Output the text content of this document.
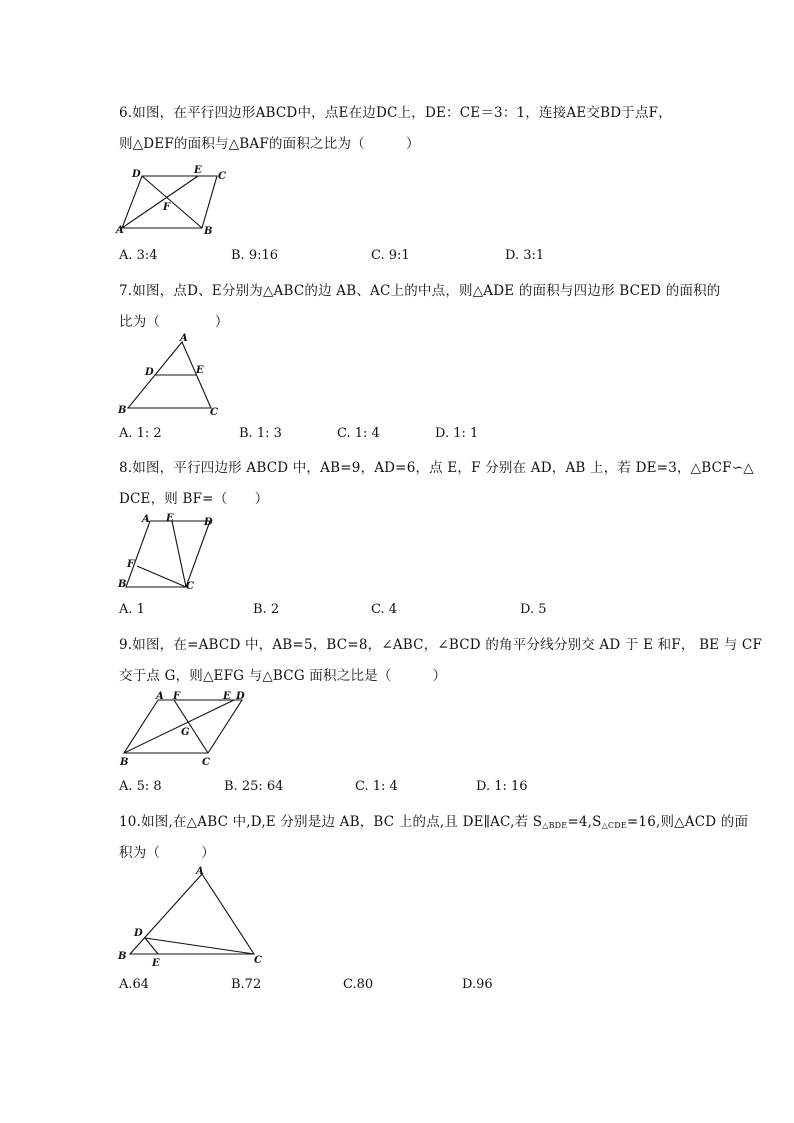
6.如图，在平行四边形ABCD中，点E在边DC上，DE：CE＝3：1，连接AE交BD于点F，
则△DEF的面积与△BAF的面积之比为（　　　）
D	E
C
F
A	B
A. 3:4	B. 9:16	C. 9:1	D. 3:1
7.如图，点D、E分别为△ABC的边 AB、AC上的中点，则△ADE 的面积与四边形 BCED 的面积的
比为（　　　　）
A
D	E
B	C
A. 1: 2	B. 1: 3	C. 1: 4	D. 1: 1
8.如图，平行四边形 ABCD 中，AB=9，AD=6，点 E，F 分别在 AD，AB 上，若 DE=3，△BCF∽△
DCE，则 BF=（　　）
A E	D
F
B	C
A. 1	B. 2	C. 4	D. 5
9.如图，在=ABCD 中，AB=5，BC=8，∠ABC，∠BCD 的角平分线分别交 AD 于 E 和F， BE 与 CF
交于点 G，则△EFG 与△BCG 面积之比是（　　　）
A F	E D
G
B	C
A. 5: 8	B. 25: 64	C. 1: 4	D. 1: 16
10.如图,在△ABC 中,D,E 分别是边 AB，BC 上的点,且 DE∥AC,若 $S_{\triangle BDE}=4,S_{\triangle CDE}=16$,则△ACD 的面
积为（　　　）
A
D
B
E	C
A.64	B.72	C.80	D.96
